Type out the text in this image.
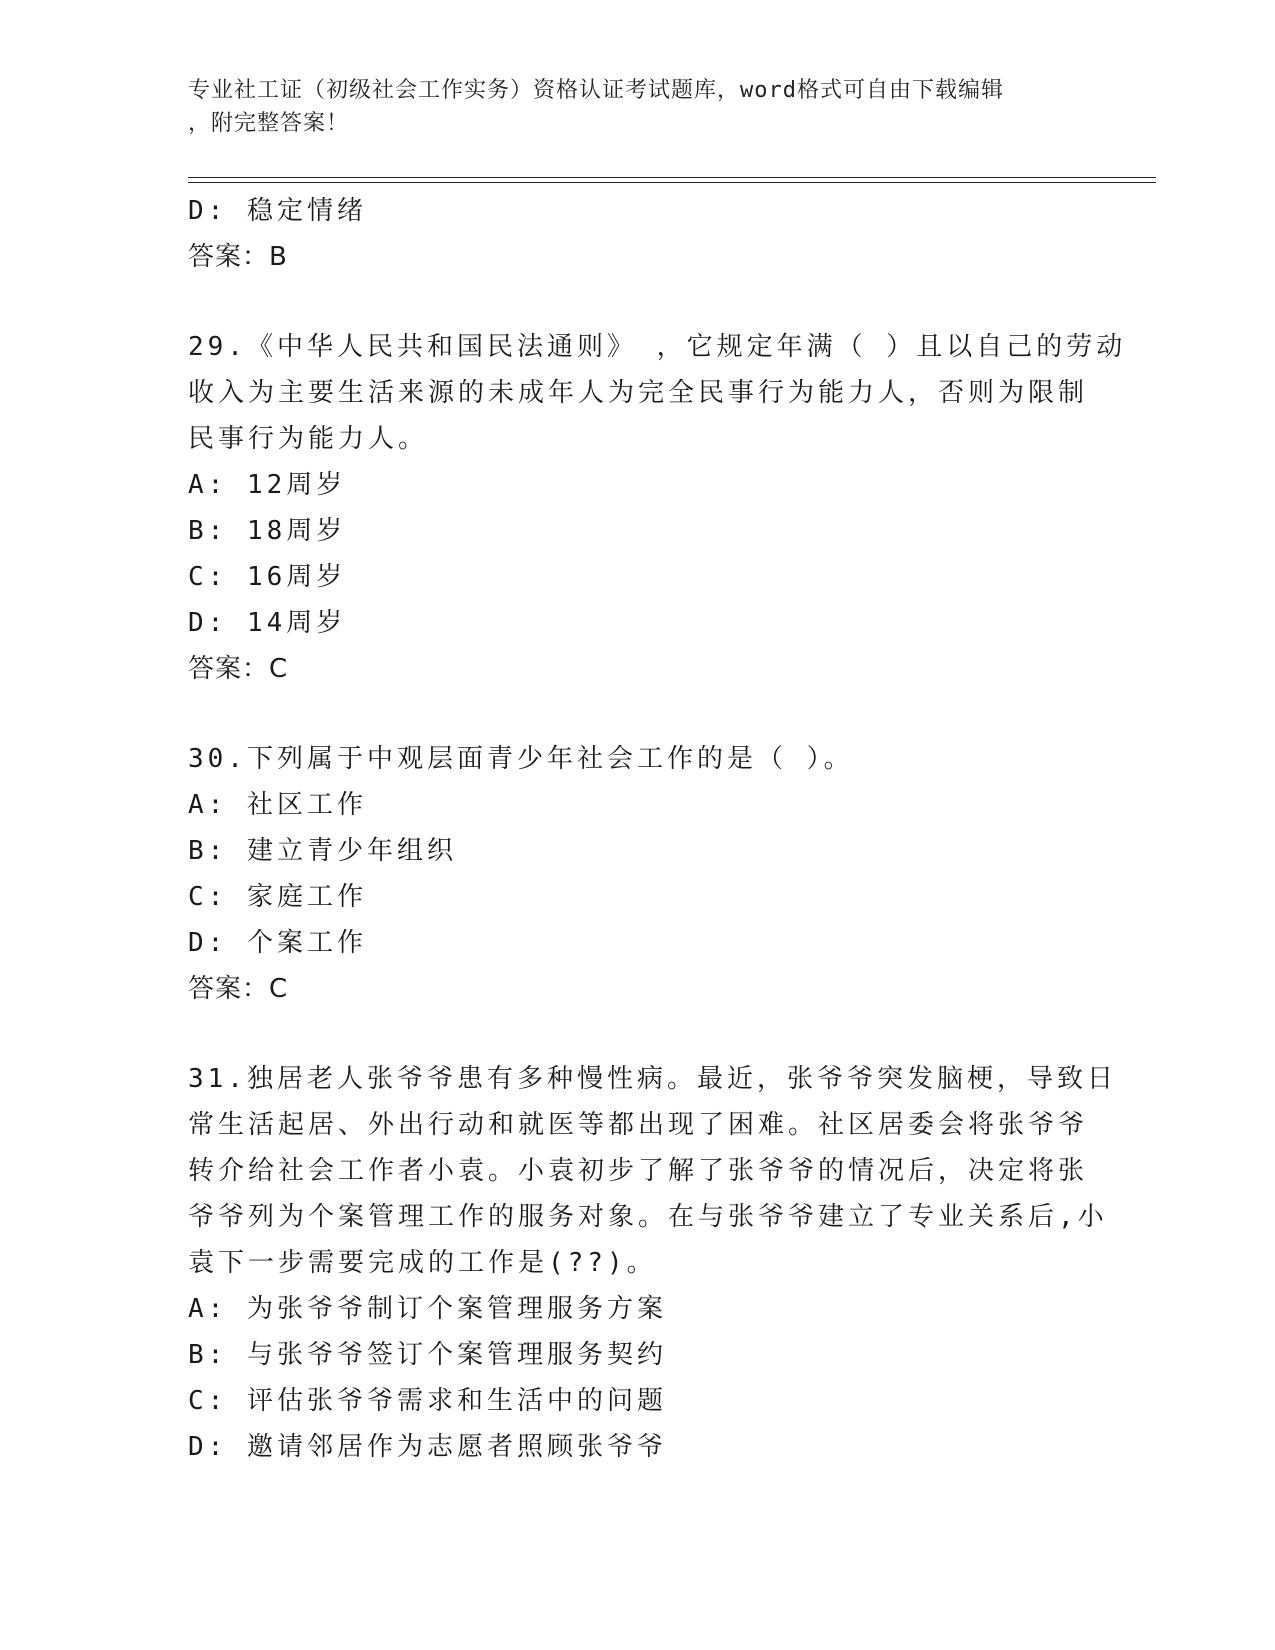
专业社工证（初级社会工作实务）资格认证考试题库，word格式可自由下载编辑
，附完整答案！
D: 稳定情绪
答案：B
29.《中华人民共和国民法通则》 ，它规定年满（ ）且以自己的劳动
收入为主要生活来源的未成年人为完全民事行为能力人，否则为限制
民事行为能力人。
A: 12周岁
B: 18周岁
C: 16周岁
D: 14周岁
答案：C
30.下列属于中观层面青少年社会工作的是（ ）。
A: 社区工作
B: 建立青少年组织
C: 家庭工作
D: 个案工作
答案：C
31.独居老人张爷爷患有多种慢性病。最近，张爷爷突发脑梗，导致日
常生活起居、外出行动和就医等都出现了困难。社区居委会将张爷爷
转介给社会工作者小袁。小袁初步了解了张爷爷的情况后，决定将张
爷爷列为个案管理工作的服务对象。在与张爷爷建立了专业关系后,小
袁下一步需要完成的工作是(??)。
A: 为张爷爷制订个案管理服务方案
B: 与张爷爷签订个案管理服务契约
C: 评估张爷爷需求和生活中的问题
D: 邀请邻居作为志愿者照顾张爷爷
